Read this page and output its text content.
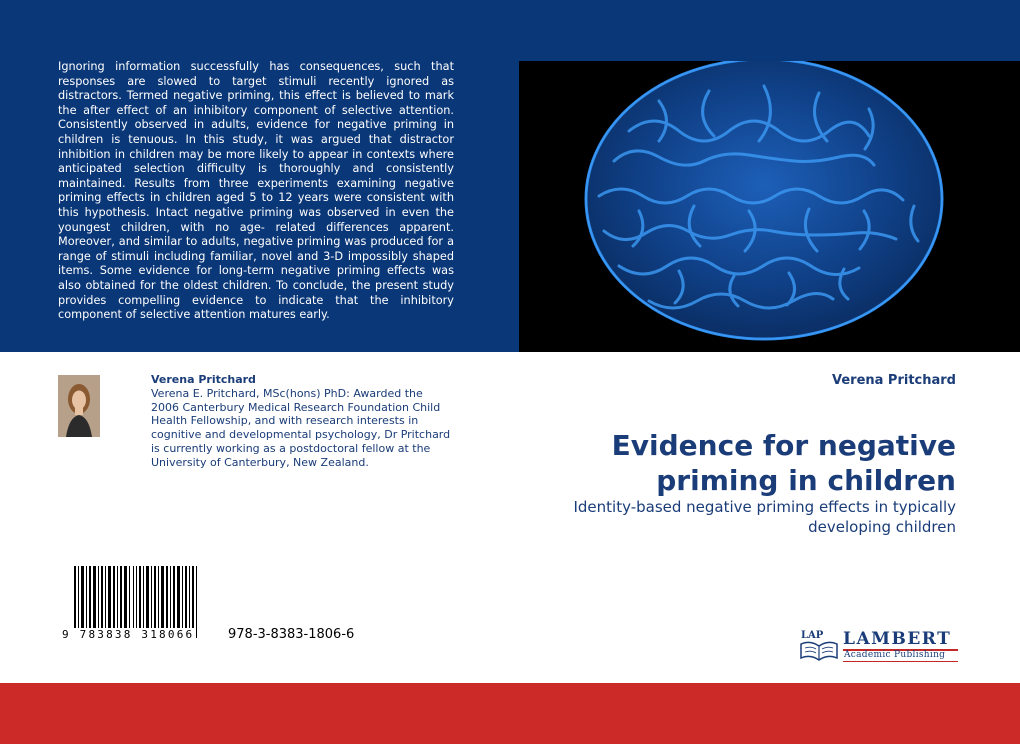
Ignoring information successfully has consequences, such that responses are slowed to target stimuli recently ignored as distractors. Termed negative priming, this effect is believed to mark the after effect of an inhibitory component of selective attention. Consistently observed in adults, evidence for negative priming in children is tenuous. In this study, it was argued that distractor inhibition in children may be more likely to appear in contexts where anticipated selection difficulty is thoroughly and consistently maintained. Results from three experiments examining negative priming effects in children aged 5 to 12 years were consistent with this hypothesis. Intact negative priming was observed in even the youngest children, with no age- related differences apparent. Moreover, and similar to adults, negative priming was produced for a range of stimuli including familiar, novel and 3-D impossibly shaped items. Some evidence for long-term negative priming effects was also obtained for the oldest children. To conclude, the present study provides compelling evidence to indicate that the inhibitory component of selective attention matures early.
Verena Pritchard
Verena E. Pritchard, MSc(hons) PhD: Awarded the 2006 Canterbury Medical Research Foundation Child Health Fellowship, and with research interests in cognitive and developmental psychology, Dr Pritchard is currently working as a postdoctoral fellow at the University of Canterbury, New Zealand.
Verena Pritchard
Evidence for negative priming in children
Identity-based negative priming effects in typically developing children
9 783838 318066	978-3-8383-1806-6	LAP LAMBERT
Academic Publishing
